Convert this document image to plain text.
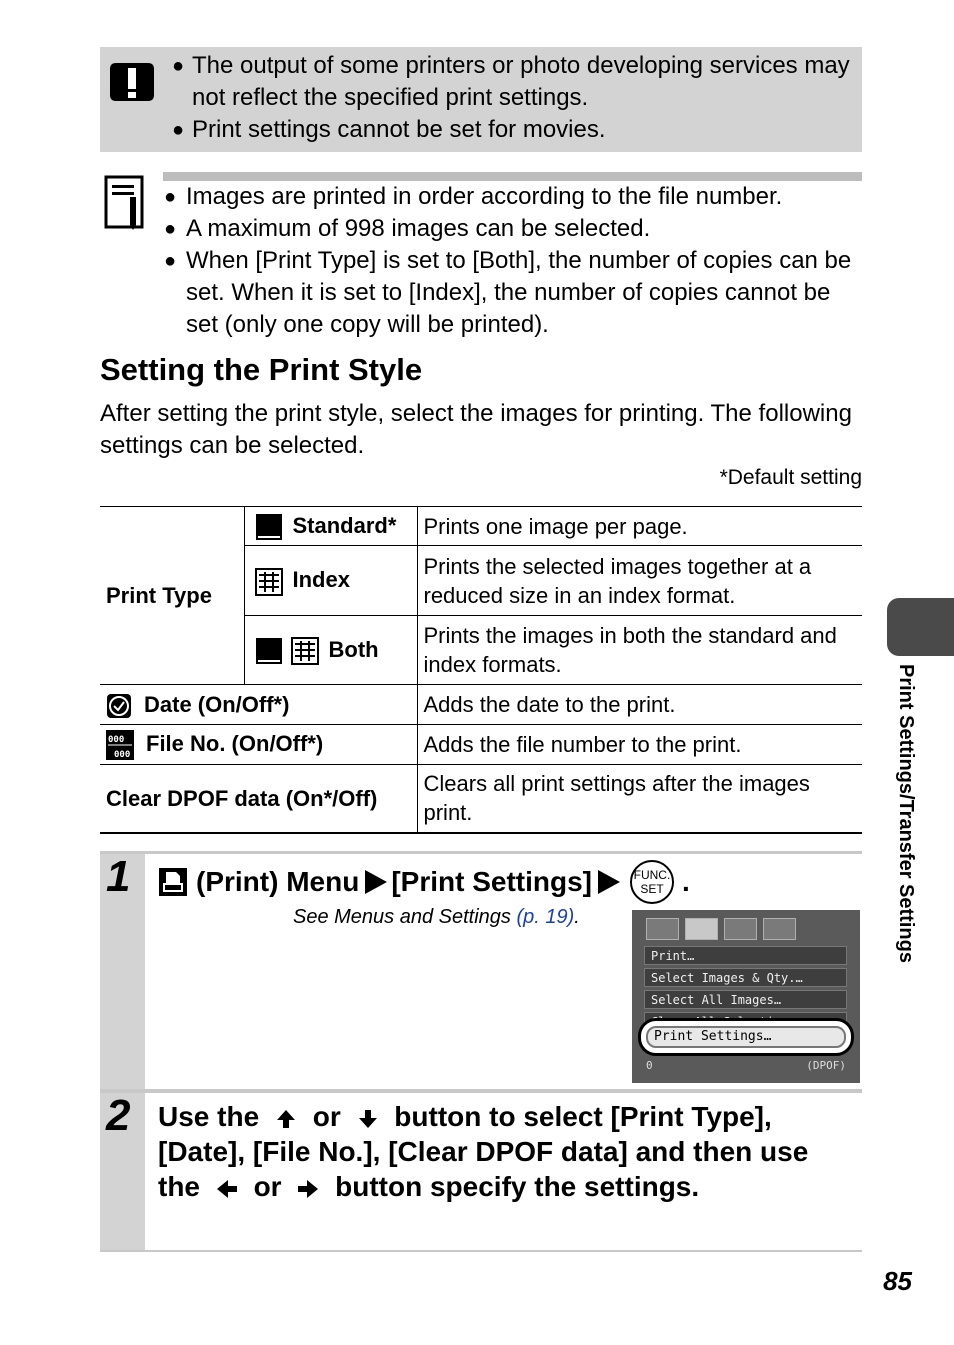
● The output of some printers or photo developing services may not reflect the specified print settings.
● Print settings cannot be set for movies.
● Images are printed in order according to the file number.
● A maximum of 998 images can be selected.
● When [Print Type] is set to [Both], the number of copies can be set. When it is set to [Index], the number of copies cannot be set (only one copy will be printed).
Setting the Print Style

After setting the print style, select the images for printing. The following settings can be selected.

*Default setting
Print Type	Standard*	Prints one image per page.
	Index	Prints the selected images together at a reduced size in an index format.
	Both	Prints the images in both the standard and index formats.
Date (On/Off*)		Adds the date to the print.

000
000 File No. (On/Off*)		Adds the file number to the print.
Clear DPOF data (On*/Off)		Clears all print settings after the images print.
1 (Print) Menu [Print Settings]	FUNC.
SET .
See Menus and Settings (p. 19).
Print…
Select Images & Qty.…
Select All Images…
Print Settings…
0	(DPOF)
2 Use the or button to select [Print Type], [Date], [File No.], [Clear DPOF data] and then use the or button specify the settings.
Print Settings/Transfer Settings
85
